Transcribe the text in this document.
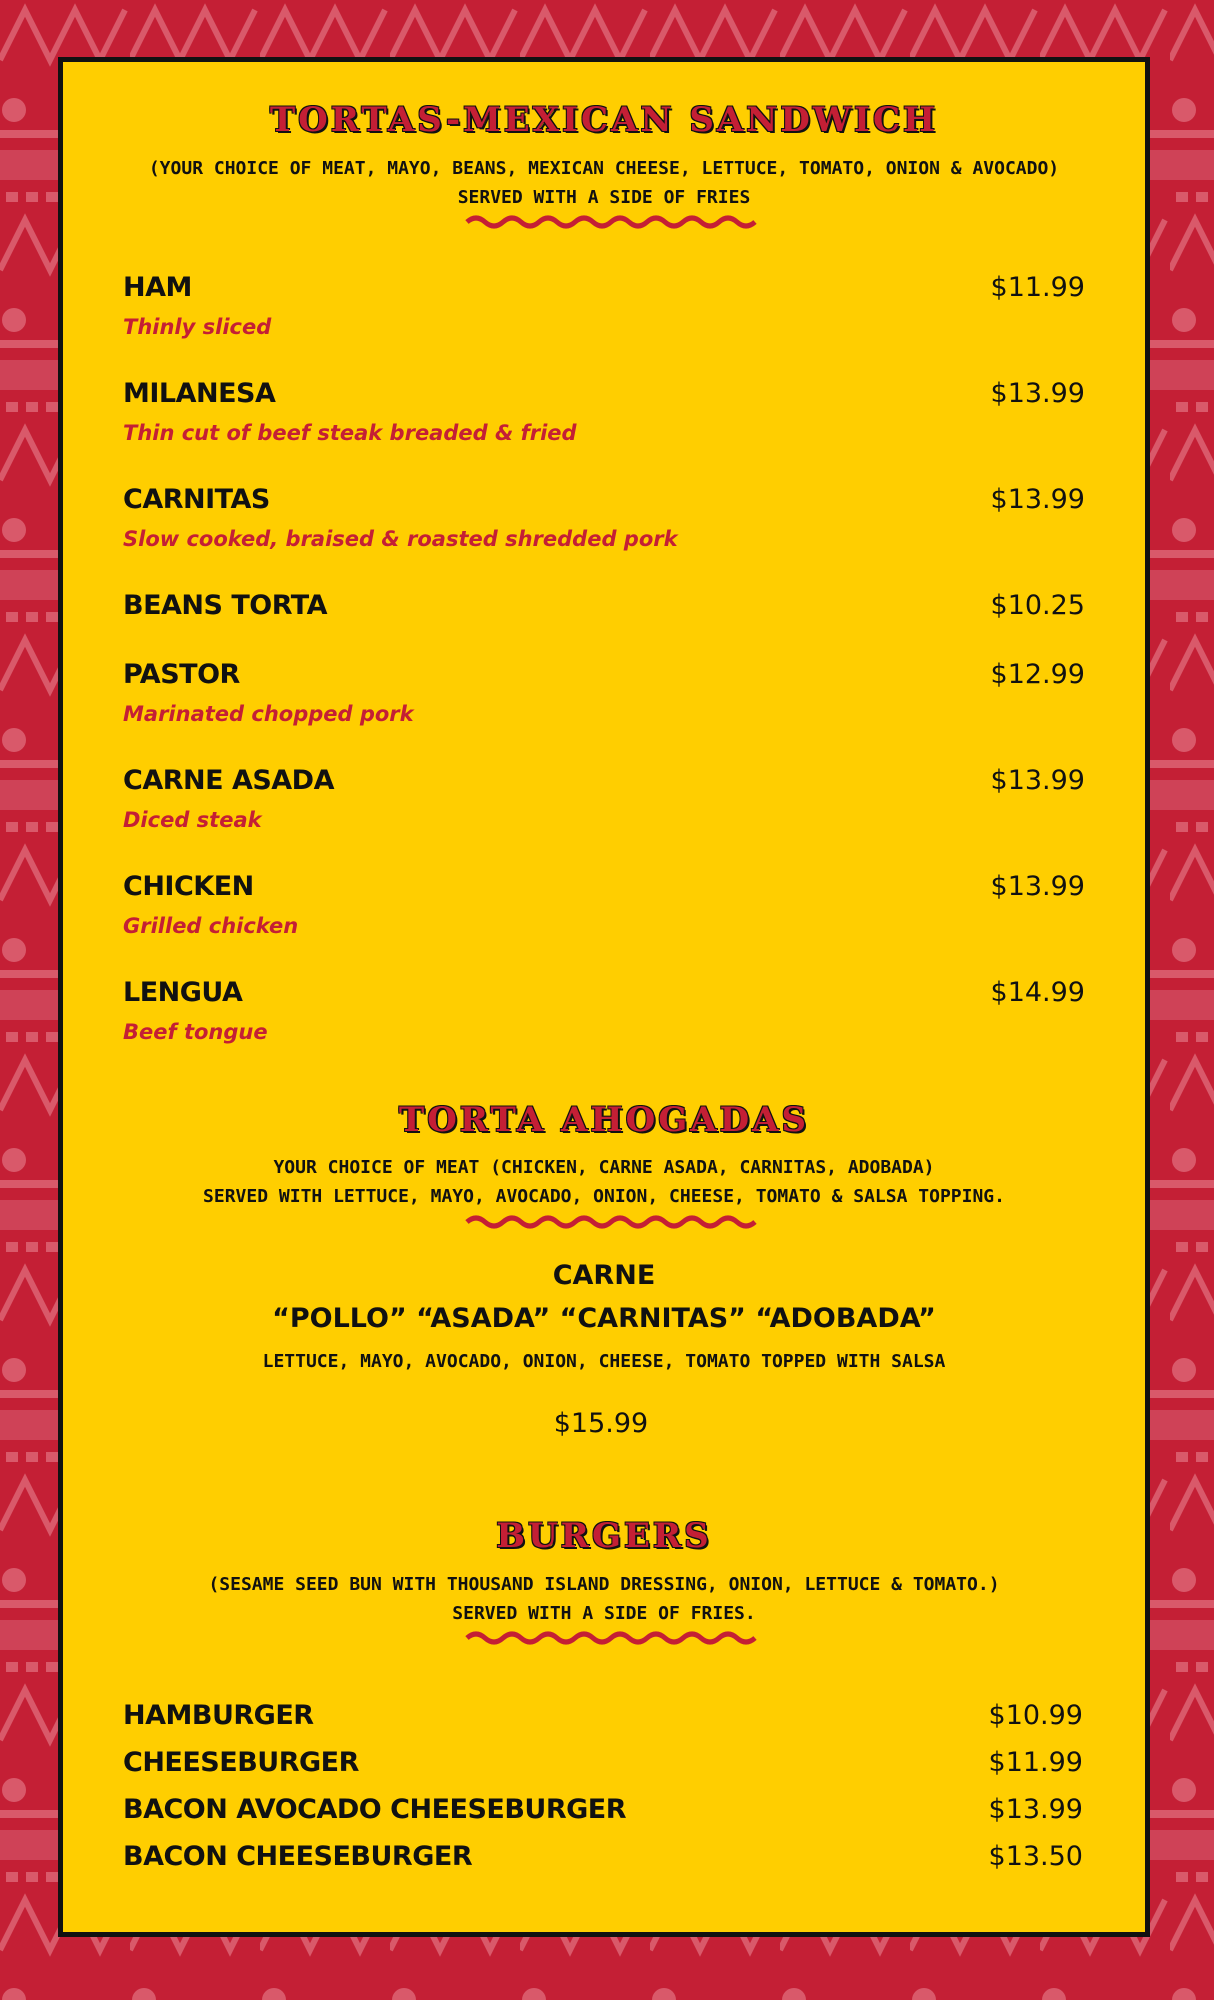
TORTAS-MEXICAN SANDWICH
(YOUR CHOICE OF MEAT, MAYO, BEANS, MEXICAN CHEESE, LETTUCE, TOMATO, ONION & AVOCADO)
SERVED WITH A SIDE OF FRIES
HAM	$11.99
Thinly sliced
MILANESA	$13.99
Thin cut of beef steak breaded & fried
CARNITAS	$13.99
Slow cooked, braised & roasted shredded pork
BEANS TORTA	$10.25
PASTOR	$12.99
Marinated chopped pork
CARNE ASADA	$13.99
Diced steak
CHICKEN	$13.99
Grilled chicken
LENGUA	$14.99
Beef tongue
TORTA AHOGADAS
YOUR CHOICE OF MEAT (CHICKEN, CARNE ASADA, CARNITAS, ADOBADA)
SERVED WITH LETTUCE, MAYO, AVOCADO, ONION, CHEESE, TOMATO & SALSA TOPPING.
CARNE
“POLLO” “ASADA” “CARNITAS” “ADOBADA”
LETTUCE, MAYO, AVOCADO, ONION, CHEESE, TOMATO TOPPED WITH SALSA
$15.99
BURGERS
(SESAME SEED BUN WITH THOUSAND ISLAND DRESSING, ONION, LETTUCE & TOMATO.)
SERVED WITH A SIDE OF FRIES.
HAMBURGER	$10.99
CHEESEBURGER	$11.99
BACON AVOCADO CHEESEBURGER	$13.99
BACON CHEESEBURGER	$13.50
